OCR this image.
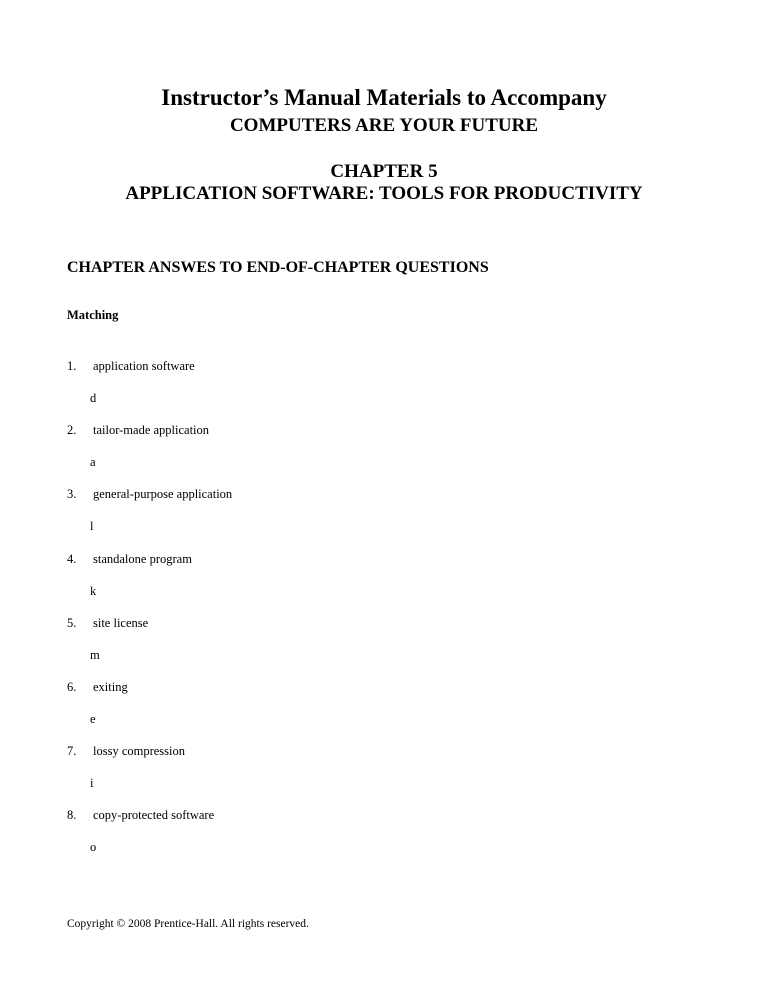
Instructor’s Manual Materials to Accompany
COMPUTERS ARE YOUR FUTURE
CHAPTER 5
APPLICATION SOFTWARE: TOOLS FOR PRODUCTIVITY
CHAPTER ANSWES TO END-OF-CHAPTER QUESTIONS
Matching
1. application software
d
2. tailor-made application
a
3. general-purpose application
l
4. standalone program
k
5. site license
m
6. exiting
e
7. lossy compression
i
8. copy-protected software
o
Copyright © 2008 Prentice-Hall. All rights reserved.
